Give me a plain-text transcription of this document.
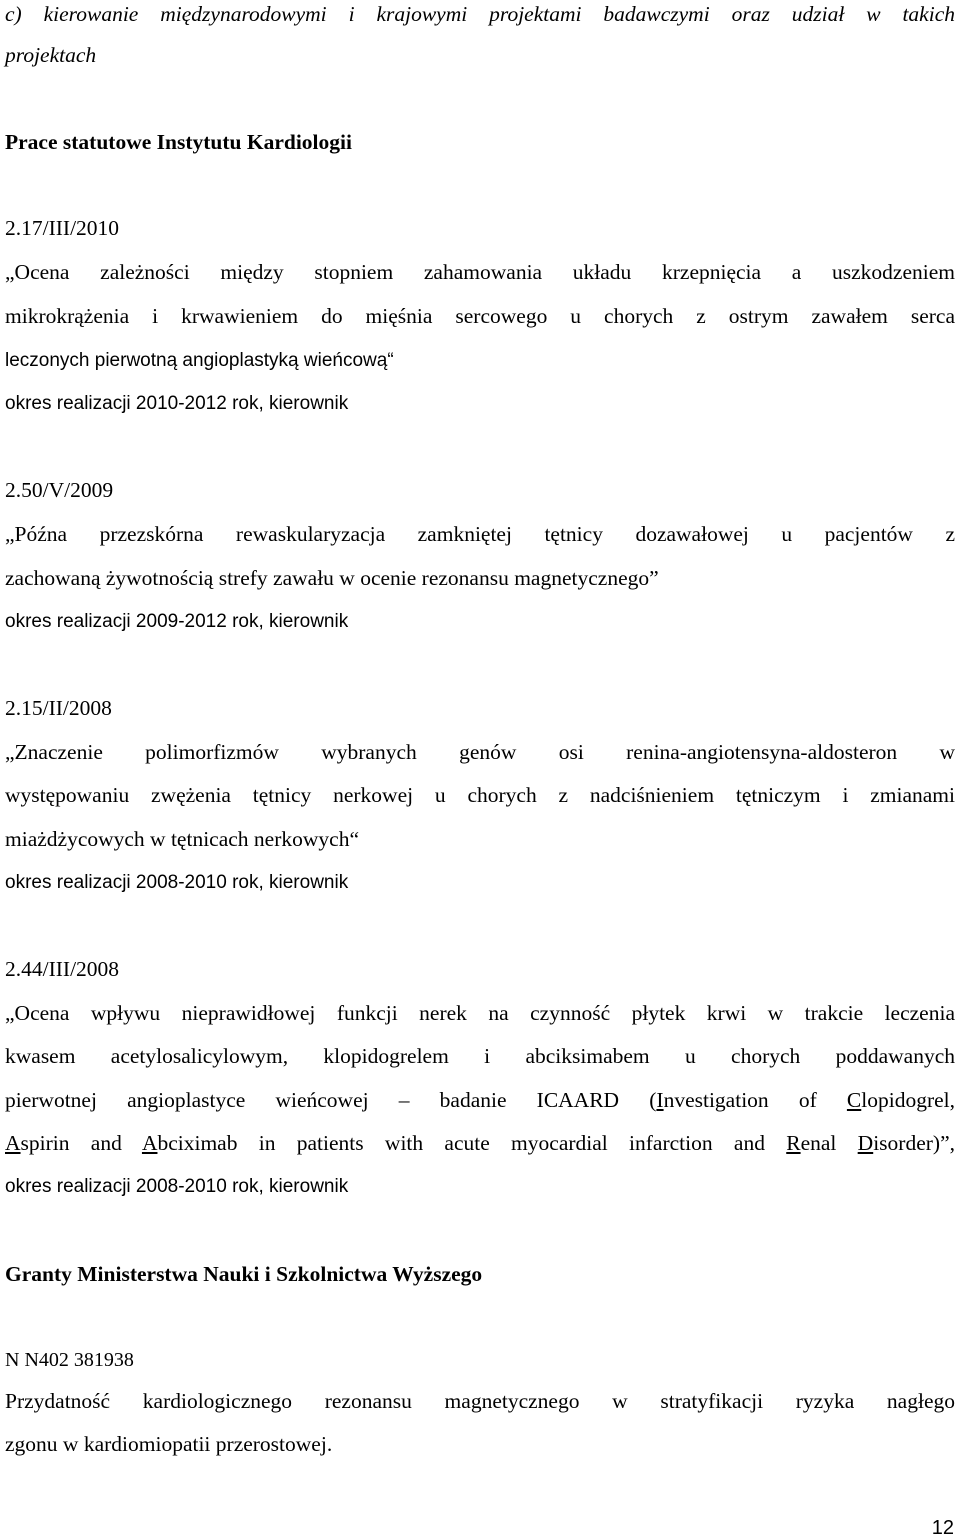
c) kierowanie międzynarodowymi i krajowymi projektami badawczymi oraz udział w takich
projektach
Prace statutowe Instytutu Kardiologii
2.17/III/2010
„Ocena zależności między stopniem zahamowania układu krzepnięcia a uszkodzeniem
mikrokrążenia i krwawieniem do mięśnia sercowego u chorych z ostrym zawałem serca
leczonych pierwotną angioplastyką wieńcową“
okres realizacji 2010-2012 rok, kierownik
2.50/V/2009
„Późna przezskórna rewaskularyzacja zamkniętej tętnicy dozawałowej u pacjentów z
zachowaną żywotnością strefy zawału w ocenie rezonansu magnetycznego”
okres realizacji 2009-2012 rok, kierownik
2.15/II/2008
„Znaczenie polimorfizmów wybranych genów osi renina-angiotensyna-aldosteron w
występowaniu zwężenia tętnicy nerkowej u chorych z nadciśnieniem tętniczym i zmianami
miażdżycowych w tętnicach nerkowych“
okres realizacji 2008-2010 rok, kierownik
2.44/III/2008
„Ocena wpływu nieprawidłowej funkcji nerek na czynność płytek krwi w trakcie leczenia
kwasem acetylosalicylowym, klopidogrelem i abciksimabem u chorych poddawanych
pierwotnej angioplastyce wieńcowej – badanie ICAARD (Investigation of Clopidogrel,
Aspirin and Abciximab in patients with acute myocardial infarction and Renal Disorder)”,
okres realizacji 2008-2010 rok, kierownik
Granty Ministerstwa Nauki i Szkolnictwa Wyższego
N N402 381938
Przydatność kardiologicznego rezonansu magnetycznego w stratyfikacji ryzyka nagłego
zgonu w kardiomiopatii przerostowej.
12
